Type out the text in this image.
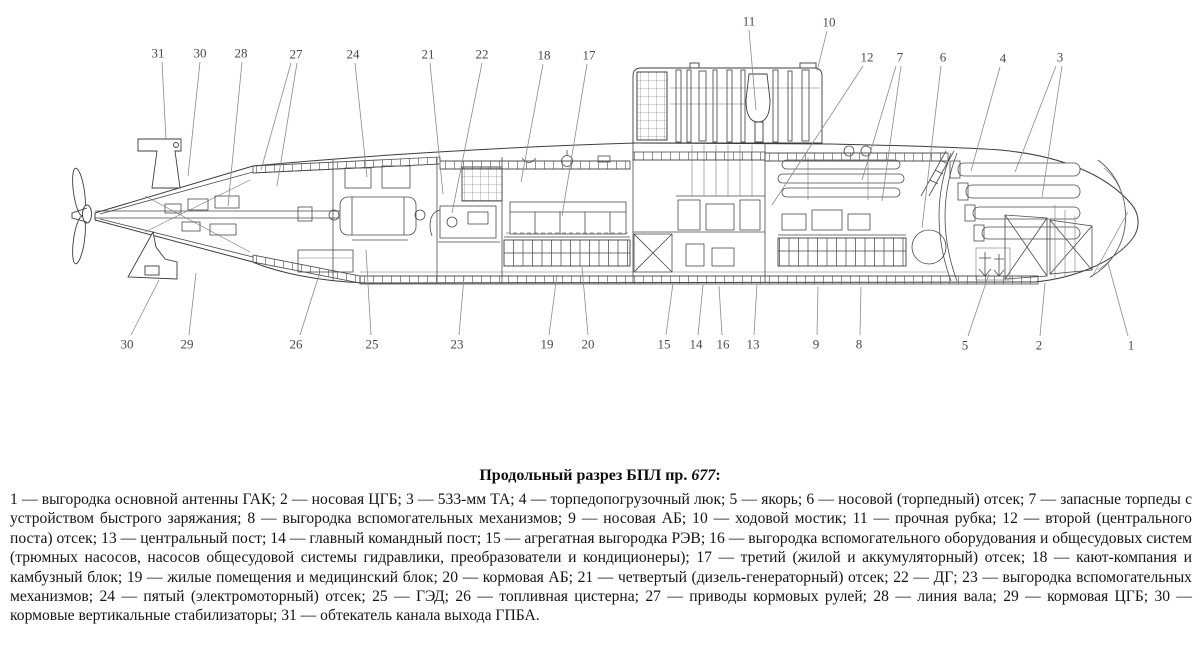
31 30 28	27	24	21	22	18 17
11	10
12 7	6	4	3
30	29	26	25	23	19 20	15 14 16 13	9	8	5	2	1
Продольный разрез БПЛ пр. 677:

1 — выгородка основной антенны ГАК; 2 — носовая ЦГБ; 3 — 533-мм ТА; 4 — торпедопогрузочный люк; 5 — якорь; 6 — носовой (торпедный) отсек; 7 — запасные торпеды с устройством быстрого заряжания; 8 — выгородка вспомогательных механизмов; 9 — носовая АБ; 10 — ходовой мостик; 11 — прочная рубка; 12 — второй (центрального поста) отсек; 13 — центральный пост; 14 — главный командный пост; 15 — агрегатная выгородка РЭВ; 16 — выгородка вспомогательного оборудования и общесудовых систем (трюмных насосов, насосов общесудовой системы гидравлики, преобразователи и кондиционеры); 17 — третий (жилой и аккумуляторный) отсек; 18 — кают-компания и камбузный блок; 19 — жилые помещения и медицинский блок; 20 — кормовая АБ; 21 — четвертый (дизель-генераторный) отсек; 22 — ДГ; 23 — выгородка вспомогательных механизмов; 24 — пятый (электромоторный) отсек; 25 — ГЭД; 26 — топливная цистерна; 27 — приводы кормовых рулей; 28 — линия вала; 29 — кормовая ЦГБ; 30 — кормовые вертикальные стабилизаторы; 31 — обтекатель канала выхода ГПБА.
